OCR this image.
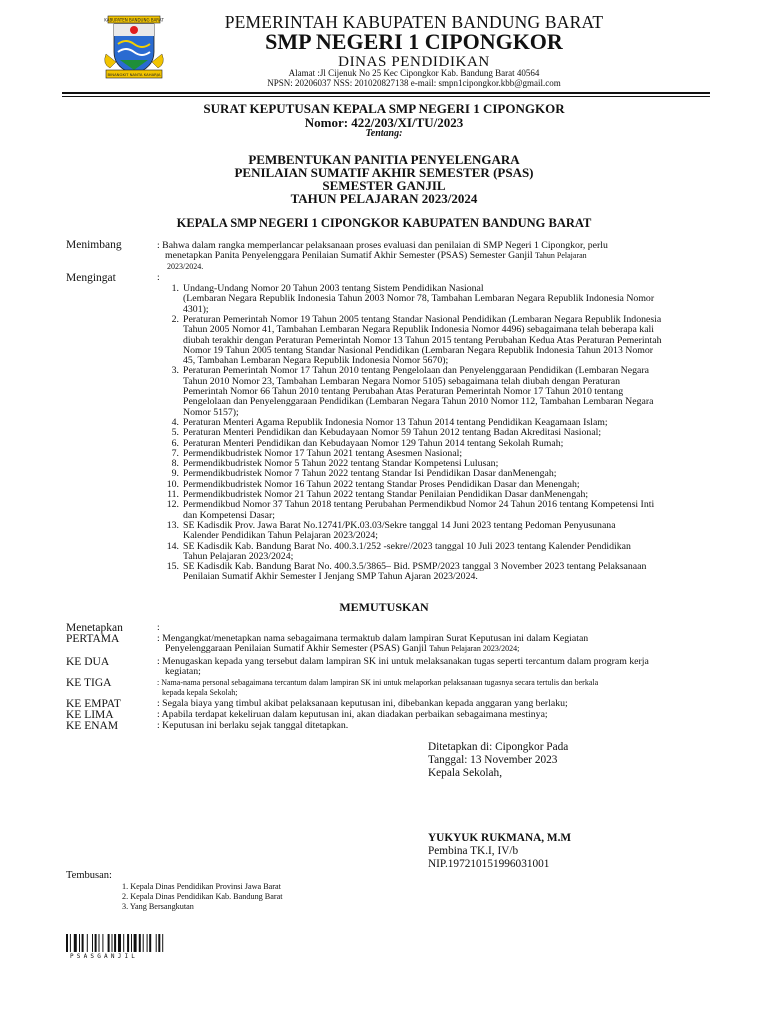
KABUPATEN BANDUNG BARAT
BINANGKIT NANTA KAHARJA
PEMERINTAH KABUPATEN BANDUNG BARAT
SMP NEGERI 1 CIPONGKOR
DINAS PENDIDIKAN
Alamat :Jl Cijenuk No 25 Kec Cipongkor Kab. Bandung Barat 40564
NPSN: 20206037 NSS: 201020827138 e-mail: smpn1cipongkor.kbb@gmail.com
SURAT KEPUTUSAN KEPALA SMP NEGERI 1 CIPONGKOR
Nomor: 422/203/XI/TU/2023
Tentang:
PEMBENTUKAN PANITIA PENYELENGARA
PENILAIAN SUMATIF AKHIR SEMESTER (PSAS)
SEMESTER GANJIL
TAHUN PELAJARAN 2023/2024
KEPALA SMP NEGERI 1 CIPONGKOR KABUPATEN BANDUNG BARAT
Menimbang	: Bahwa dalam rangka memperlancar pelaksanaan proses evaluasi dan penilaian di SMP Negeri 1 Cipongkor, perlu
menetapkan Panita Penyelenggara Penilaian Sumatif Akhir Semester (PSAS) Semester Ganjil Tahun Pelajaran
2023/2024.
Mengingat	:
1. Undang-Undang Nomor 20 Tahun 2003 tentang Sistem Pendidikan Nasional
(Lembaran Negara Republik Indonesia Tahun 2003 Nomor 78, Tambahan Lembaran Negara Republik Indonesia Nomor
4301);
2. Peraturan Pemerintah Nomor 19 Tahun 2005 tentang Standar Nasional Pendidikan (Lembaran Negara Republik Indonesia
Tahun 2005 Nomor 41, Tambahan Lembaran Negara Republik Indonesia Nomor 4496) sebagaimana telah beberapa kali
diubah terakhir dengan Peraturan Pemerintah Nomor 13 Tahun 2015 tentang Perubahan Kedua Atas Peraturan Pemerintah
Nomor 19 Tahun 2005 tentang Standar Nasional Pendidikan (Lembaran Negara Republik Indonesia Tahun 2013 Nomor
45, Tambahan Lembaran Negara Republik Indonesia Nomor 5670);
3. Peraturan Pemerintah Nomor 17 Tahun 2010 tentang Pengelolaan dan Penyelenggaraan Pendidikan (Lembaran Negara
Tahun 2010 Nomor 23, Tambahan Lembaran Negara Nomor 5105) sebagaimana telah diubah dengan Peraturan
Pemerintah Nomor 66 Tahun 2010 tentang Perubahan Atas Peraturan Pemerintah Nomor 17 Tahun 2010 tentang
Pengelolaan dan Penyelenggaraan Pendidikan (Lembaran Negara Tahun 2010 Nomor 112, Tambahan Lembaran Negara
Nomor 5157);
4. Peraturan Menteri Agama Republik Indonesia Nomor 13 Tahun 2014 tentang Pendidikan Keagamaan Islam;
5. Peraturan Menteri Pendidikan dan Kebudayaan Nomor 59 Tahun 2012 tentang Badan Akreditasi Nasional;
6. Peraturan Menteri Pendidikan dan Kebudayaan Nomor 129 Tahun 2014 tentang Sekolah Rumah;
7. Permendikbudristek Nomor 17 Tahun 2021 tentang Asesmen Nasional;
8. Permendikbudristek Nomor 5 Tahun 2022 tentang Standar Kompetensi Lulusan;
9. Permendikbudristek Nomor 7 Tahun 2022 tentang Standar Isi Pendidikan Dasar danMenengah;
10. Permendikbudristek Nomor 16 Tahun 2022 tentang Standar Proses Pendidikan Dasar dan Menengah;
11. Permendikbudristek Nomor 21 Tahun 2022 tentang Standar Penilaian Pendidikan Dasar danMenengah;
12. Permendikbud Nomor 37 Tahun 2018 tentang Perubahan Permendikbud Nomor 24 Tahun 2016 tentang Kompetensi Inti
dan Kompetensi Dasar;
13. SE Kadisdik Prov. Jawa Barat No.12741/PK.03.03/Sekre tanggal 14 Juni 2023 tentang Pedoman Penyusunana
Kalender Pendidikan Tahun Pelajaran 2023/2024;
14. SE Kadisdik Kab. Bandung Barat No. 400.3.1/252 -sekre//2023 tanggal 10 Juli 2023 tentang Kalender Pendidikan
Tahun Pelajaran 2023/2024;
15. SE Kadisdik Kab. Bandung Barat No. 400.3.5/3865– Bid. PSMP/2023 tanggal 3 November 2023 tentang Pelaksanaan
Penilaian Sumatif Akhir Semester I Jenjang SMP Tahun Ajaran 2023/2024.
MEMUTUSKAN
Menetapkan	:
PERTAMA	: Mengangkat/menetapkan nama sebagaimana termaktub dalam lampiran Surat Keputusan ini dalam Kegiatan
Penyelenggaraan Penilaian Sumatif Akhir Semester (PSAS) Ganjil Tahun Pelajaran 2023/2024;
KE DUA	: Menugaskan kepada yang tersebut dalam lampiran SK ini untuk melaksanakan tugas seperti tercantum dalam program kerja
kegiatan;
KE TIGA	: Nama-nama personal sebagaimana tercantum dalam lampiran SK ini untuk melaporkan pelaksanaan tugasnya secara tertulis dan berkala
kepada kepala Sekolah;
KE EMPAT	: Segala biaya yang timbul akibat pelaksanaan keputusan ini, dibebankan kepada anggaran yang berlaku;
KE LIMA	: Apabila terdapat kekeliruan dalam keputusan ini, akan diadakan perbaikan sebagaimana mestinya;
KE ENAM	: Keputusan ini berlaku sejak tanggal ditetapkan.
Ditetapkan di: Cipongkor Pada
Tanggal: 13 November 2023
Kepala Sekolah,
YUKYUK RUKMANA, M.M
Pembina TK.I, IV/b
NIP.197210151996031001
Tembusan:
1. Kepala Dinas Pendidikan Provinsi Jawa Barat
2. Kepala Dinas Pendidikan Kab. Bandung Barat
3. Yang Bersangkutan
PSASGANJIL
